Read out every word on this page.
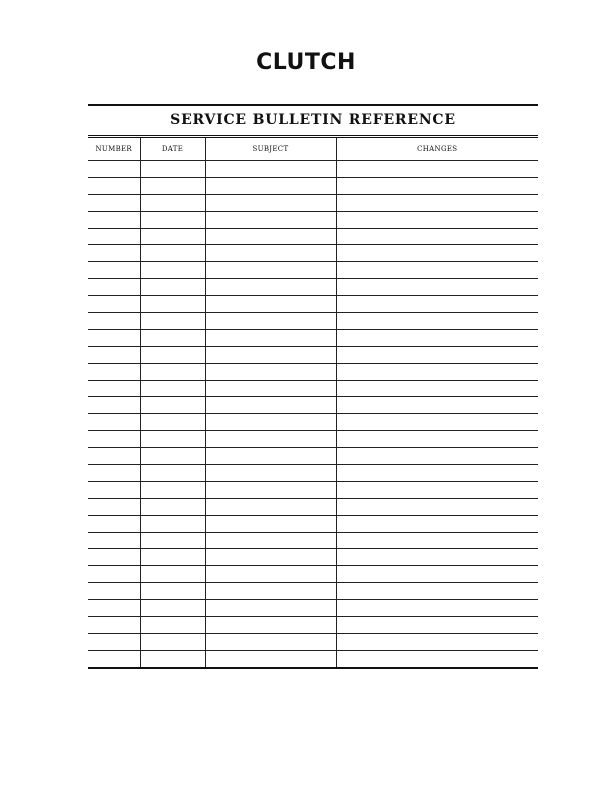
CLUTCH
SERVICE BULLETIN REFERENCE
NUMBER	DATE	SUBJECT	CHANGES
